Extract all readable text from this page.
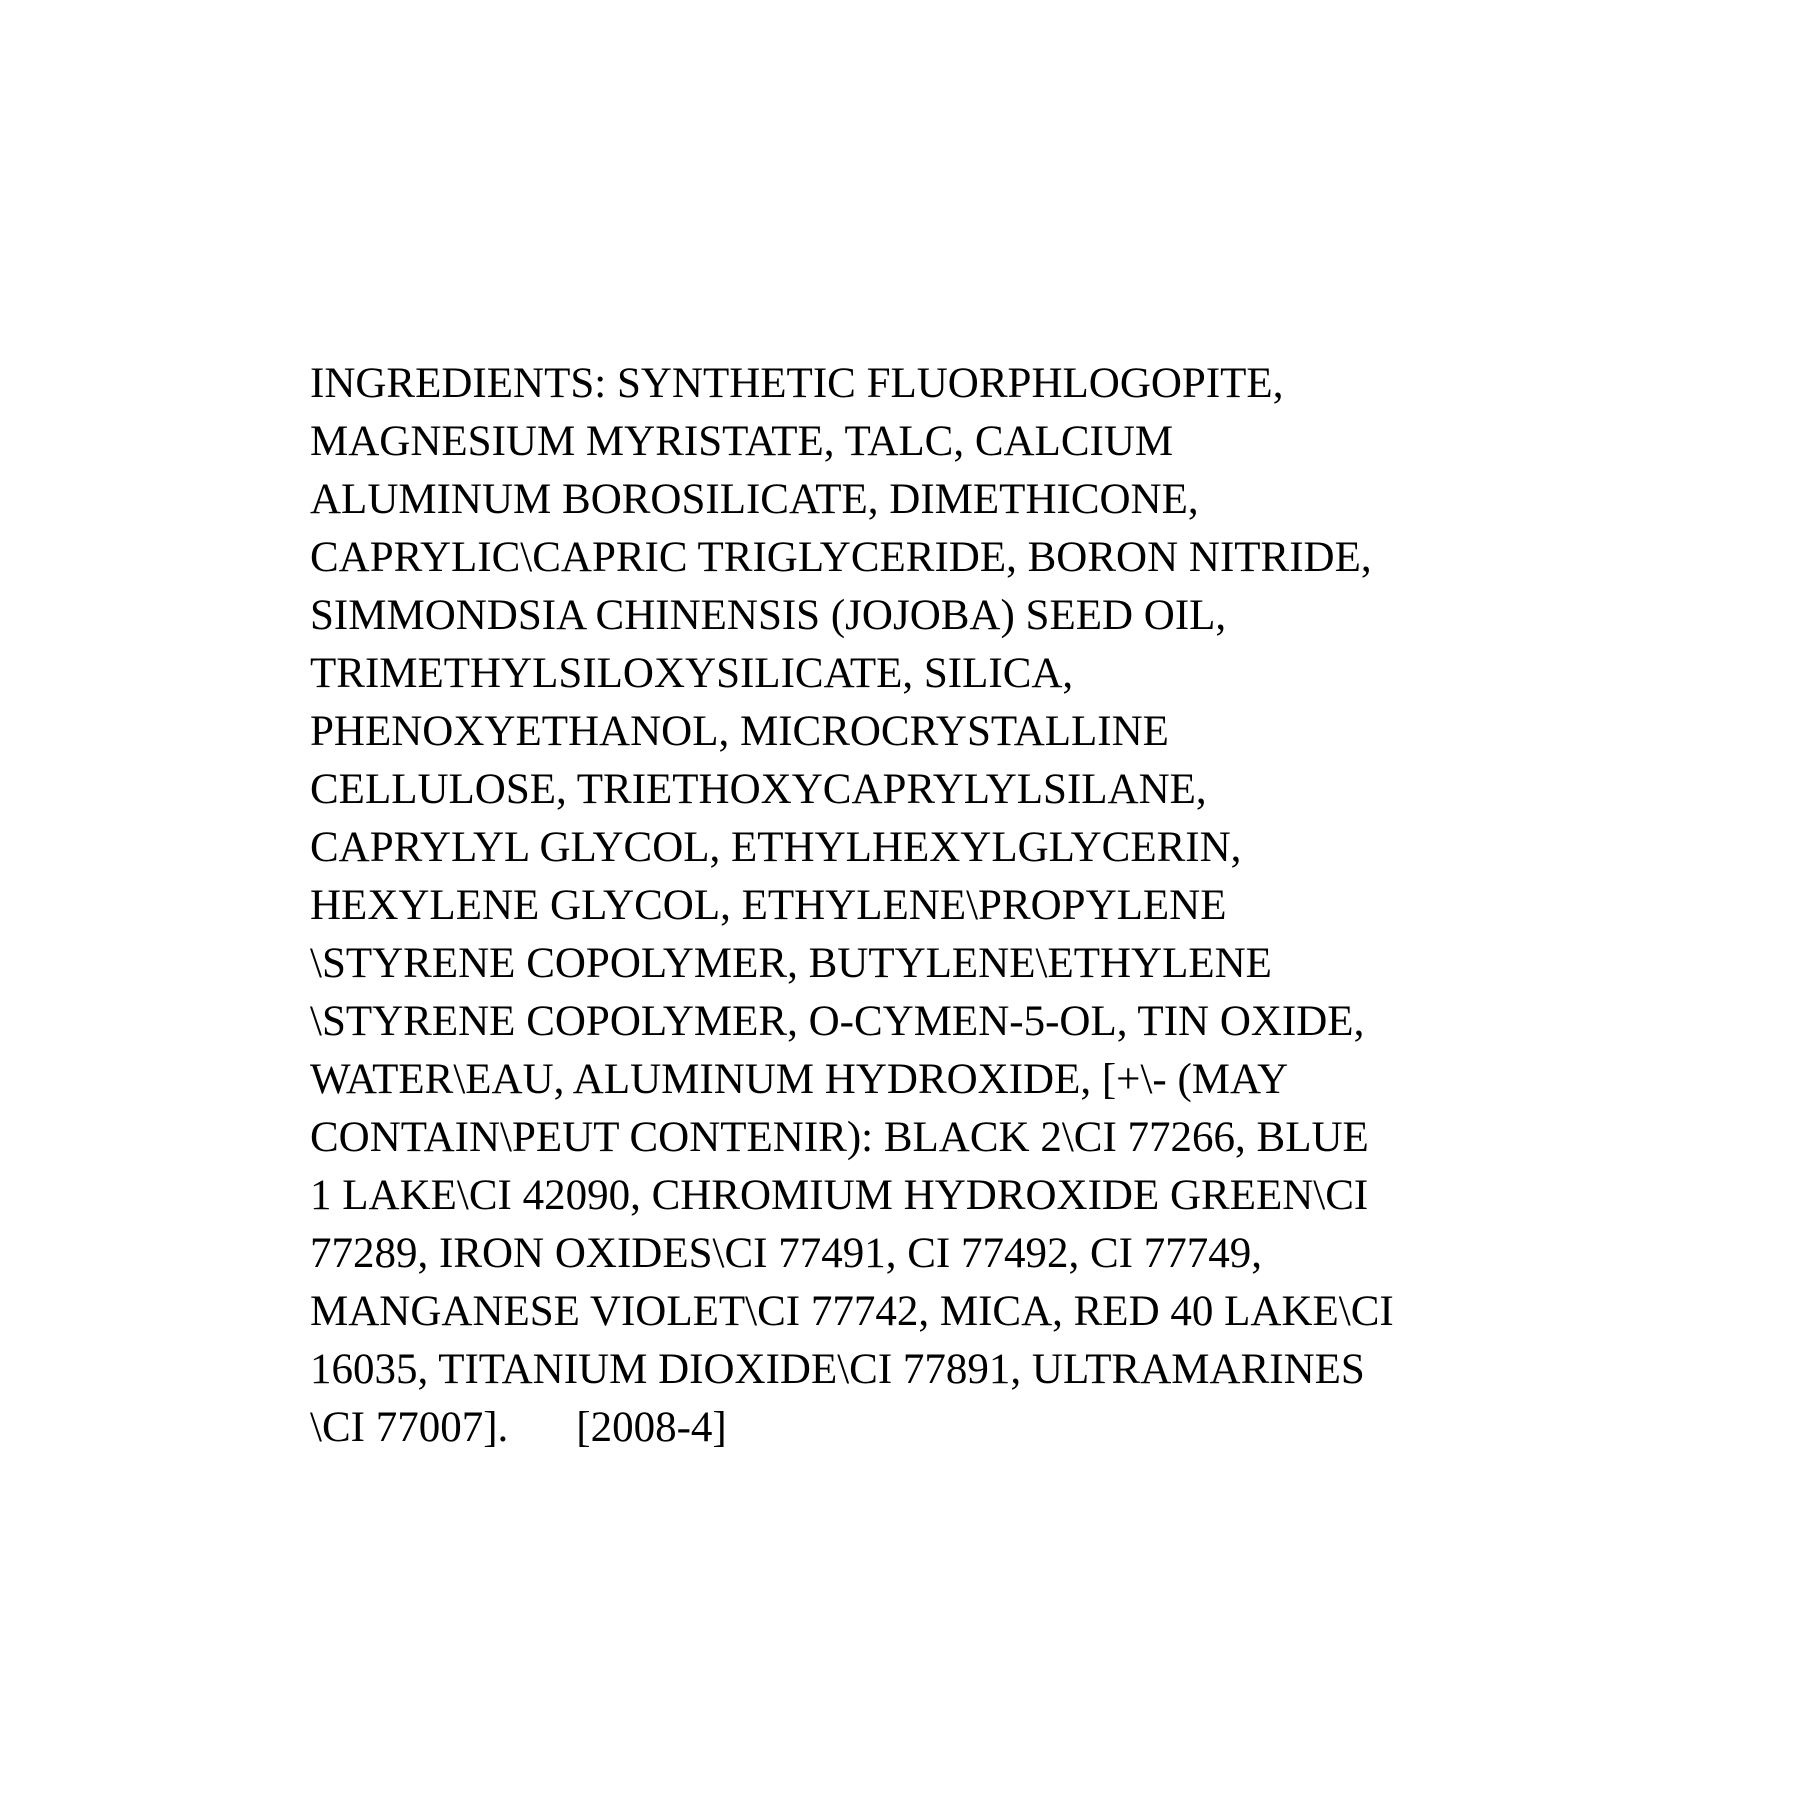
INGREDIENTS: SYNTHETIC FLUORPHLOGOPITE,
MAGNESIUM MYRISTATE, TALC, CALCIUM
ALUMINUM BOROSILICATE, DIMETHICONE,
CAPRYLIC\CAPRIC TRIGLYCERIDE, BORON NITRIDE,
SIMMONDSIA CHINENSIS (JOJOBA) SEED OIL,
TRIMETHYLSILOXYSILICATE, SILICA,
PHENOXYETHANOL, MICROCRYSTALLINE
CELLULOSE, TRIETHOXYCAPRYLYLSILANE,
CAPRYLYL GLYCOL, ETHYLHEXYLGLYCERIN,
HEXYLENE GLYCOL, ETHYLENE\PROPYLENE
\STYRENE COPOLYMER, BUTYLENE\ETHYLENE
\STYRENE COPOLYMER, O-CYMEN-5-OL, TIN OXIDE,
WATER\EAU, ALUMINUM HYDROXIDE, [+\- (MAY
CONTAIN\PEUT CONTENIR): BLACK 2\CI 77266, BLUE
1 LAKE\CI 42090, CHROMIUM HYDROXIDE GREEN\CI
77289, IRON OXIDES\CI 77491, CI 77492, CI 77749,
MANGANESE VIOLET\CI 77742, MICA, RED 40 LAKE\CI
16035, TITANIUM DIOXIDE\CI 77891, ULTRAMARINES
\CI 77007]. [2008-4]
